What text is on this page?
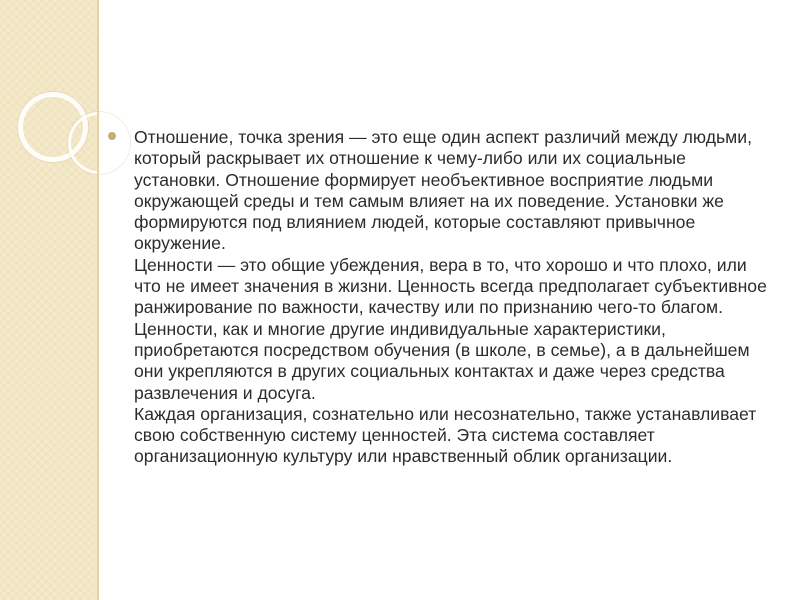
Отношение, точка зрения — это еще один аспект различий между людьми, который раскрывает их отношение к чему-либо или их социальные установки. Отношение формирует необъективное восприятие людьми окружающей среды и тем самым влияет на их поведение. Установки же формируются под влиянием людей, которые составляют привычное окружение.

Ценности — это общие убеждения, вера в то, что хорошо и что плохо, или что не имеет значения в жизни. Ценность всегда предполагает субъективное ранжирование по важности, качеству или по признанию чего-то благом.

Ценности, как и многие другие индивидуальные характеристики, приобретаются посредством обучения (в школе, в семье), а в дальнейшем они укрепляются в других социальных контактах и даже через средства развлечения и досуга.

Каждая организация, сознательно или несознательно, также устанавливает свою собственную систему ценностей. Эта система составляет организационную культуру или нравственный облик организации.
